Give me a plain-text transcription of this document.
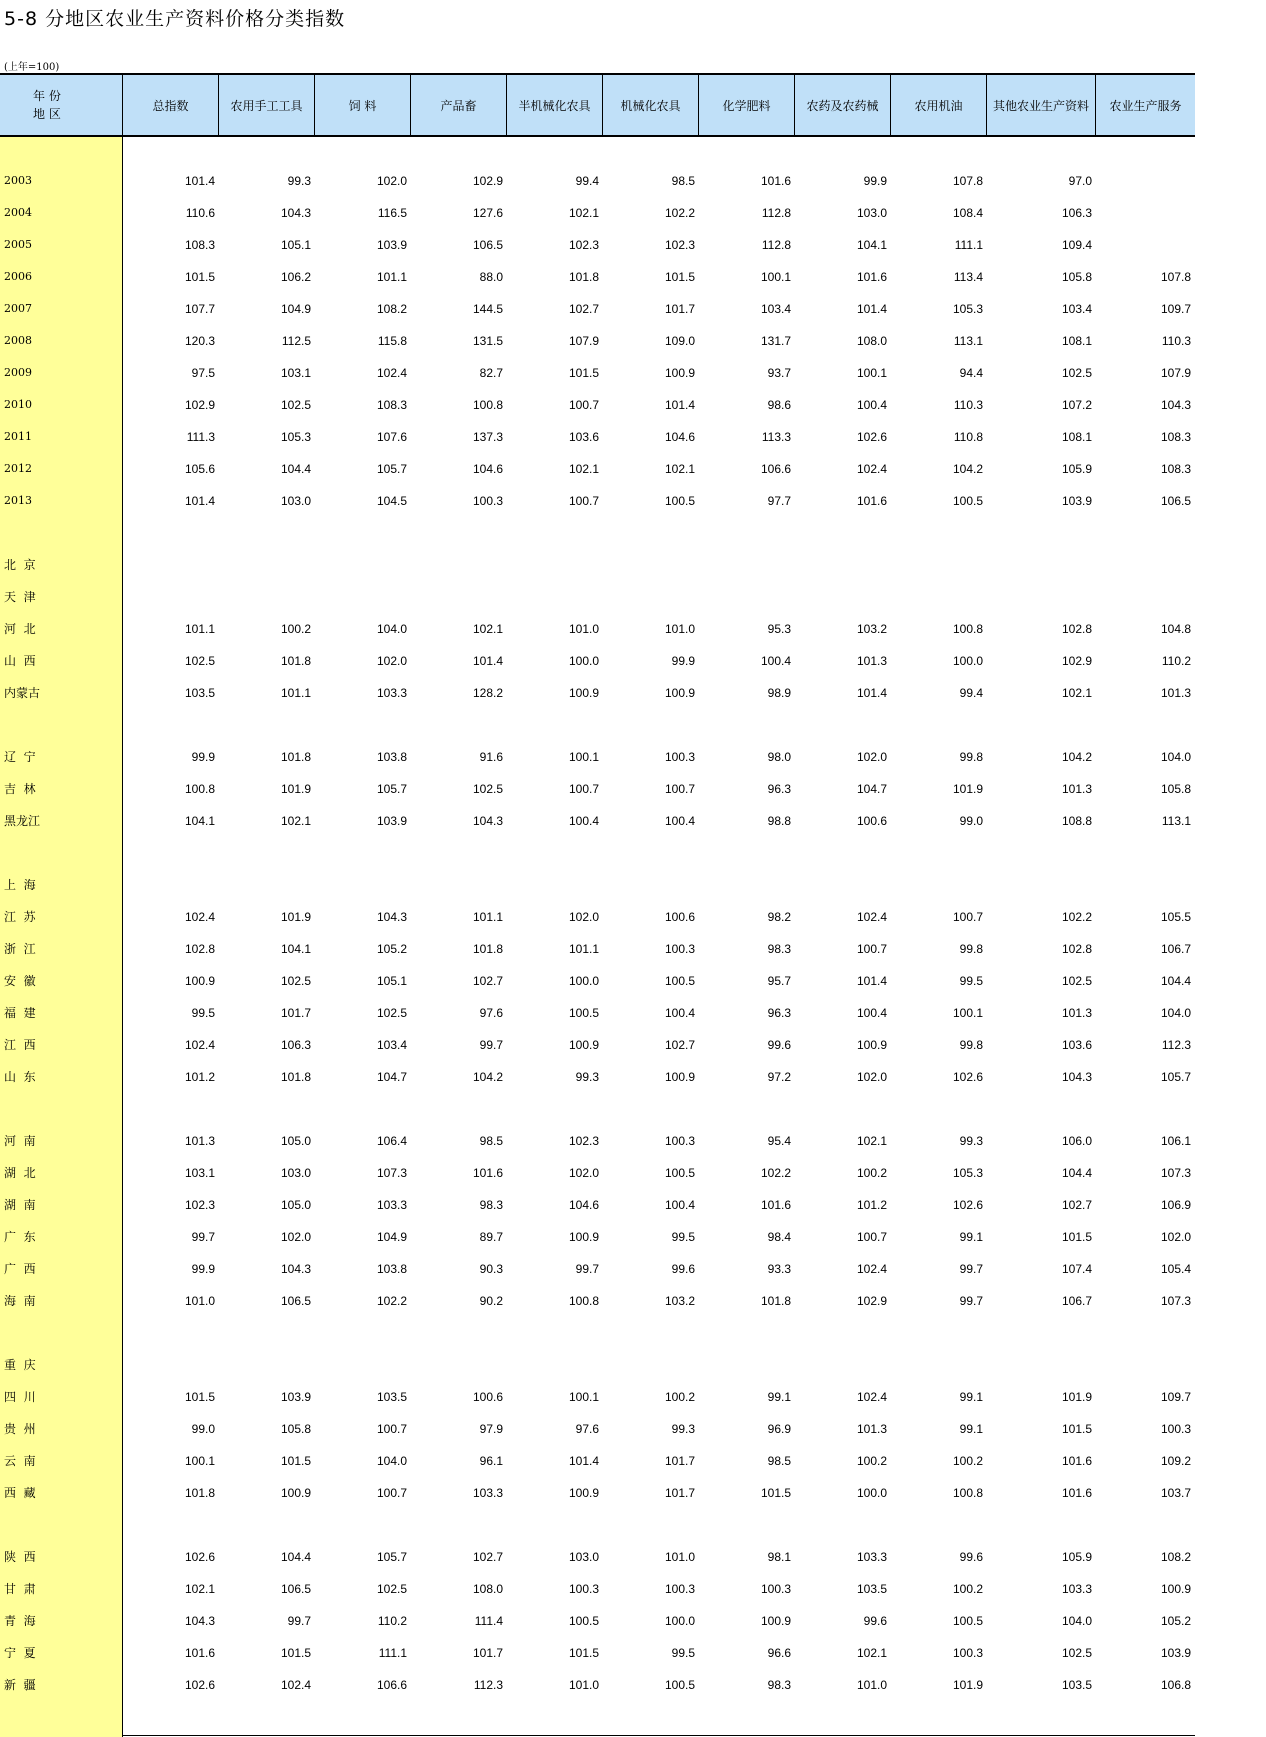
5-8 分地区农业生产资料价格分类指数
(上年=100)
年 份
地 区
总指数	农用手工工具	饲 料	产品畜	半机械化农具	机械化农具	化学肥料	农药及农药械	农用机油	其他农业生产资料	农业生产服务
2003	101.4	99.3	102.0	102.9	99.4	98.5	101.6	99.9	107.8	97.0
2004	110.6	104.3	116.5	127.6	102.1	102.2	112.8	103.0	108.4	106.3
2005	108.3	105.1	103.9	106.5	102.3	102.3	112.8	104.1	111.1	109.4
2006	101.5	106.2	101.1	88.0	101.8	101.5	100.1	101.6	113.4	105.8	107.8
2007	107.7	104.9	108.2	144.5	102.7	101.7	103.4	101.4	105.3	103.4	109.7
2008	120.3	112.5	115.8	131.5	107.9	109.0	131.7	108.0	113.1	108.1	110.3
2009	97.5	103.1	102.4	82.7	101.5	100.9	93.7	100.1	94.4	102.5	107.9
2010	102.9	102.5	108.3	100.8	100.7	101.4	98.6	100.4	110.3	107.2	104.3
2011	111.3	105.3	107.6	137.3	103.6	104.6	113.3	102.6	110.8	108.1	108.3
2012	105.6	104.4	105.7	104.6	102.1	102.1	106.6	102.4	104.2	105.9	108.3
2013	101.4	103.0	104.5	100.3	100.7	100.5	97.7	101.6	100.5	103.9	106.5
北  京
天  津
河  北	101.1	100.2	104.0	102.1	101.0	101.0	95.3	103.2	100.8	102.8	104.8
山  西	102.5	101.8	102.0	101.4	100.0	99.9	100.4	101.3	100.0	102.9	110.2
内蒙古	103.5	101.1	103.3	128.2	100.9	100.9	98.9	101.4	99.4	102.1	101.3
辽  宁	99.9	101.8	103.8	91.6	100.1	100.3	98.0	102.0	99.8	104.2	104.0
吉  林	100.8	101.9	105.7	102.5	100.7	100.7	96.3	104.7	101.9	101.3	105.8
黑龙江	104.1	102.1	103.9	104.3	100.4	100.4	98.8	100.6	99.0	108.8	113.1
上  海
江  苏	102.4	101.9	104.3	101.1	102.0	100.6	98.2	102.4	100.7	102.2	105.5
浙  江	102.8	104.1	105.2	101.8	101.1	100.3	98.3	100.7	99.8	102.8	106.7
安  徽	100.9	102.5	105.1	102.7	100.0	100.5	95.7	101.4	99.5	102.5	104.4
福  建	99.5	101.7	102.5	97.6	100.5	100.4	96.3	100.4	100.1	101.3	104.0
江  西	102.4	106.3	103.4	99.7	100.9	102.7	99.6	100.9	99.8	103.6	112.3
山  东	101.2	101.8	104.7	104.2	99.3	100.9	97.2	102.0	102.6	104.3	105.7
河  南	101.3	105.0	106.4	98.5	102.3	100.3	95.4	102.1	99.3	106.0	106.1
湖  北	103.1	103.0	107.3	101.6	102.0	100.5	102.2	100.2	105.3	104.4	107.3
湖  南	102.3	105.0	103.3	98.3	104.6	100.4	101.6	101.2	102.6	102.7	106.9
广  东	99.7	102.0	104.9	89.7	100.9	99.5	98.4	100.7	99.1	101.5	102.0
广  西	99.9	104.3	103.8	90.3	99.7	99.6	93.3	102.4	99.7	107.4	105.4
海  南	101.0	106.5	102.2	90.2	100.8	103.2	101.8	102.9	99.7	106.7	107.3
重  庆
四  川	101.5	103.9	103.5	100.6	100.1	100.2	99.1	102.4	99.1	101.9	109.7
贵  州	99.0	105.8	100.7	97.9	97.6	99.3	96.9	101.3	99.1	101.5	100.3
云  南	100.1	101.5	104.0	96.1	101.4	101.7	98.5	100.2	100.2	101.6	109.2
西  藏	101.8	100.9	100.7	103.3	100.9	101.7	101.5	100.0	100.8	101.6	103.7
陕  西	102.6	104.4	105.7	102.7	103.0	101.0	98.1	103.3	99.6	105.9	108.2
甘  肃	102.1	106.5	102.5	108.0	100.3	100.3	100.3	103.5	100.2	103.3	100.9
青  海	104.3	99.7	110.2	111.4	100.5	100.0	100.9	99.6	100.5	104.0	105.2
宁  夏	101.6	101.5	111.1	101.7	101.5	99.5	96.6	102.1	100.3	102.5	103.9
新  疆	102.6	102.4	106.6	112.3	101.0	100.5	98.3	101.0	101.9	103.5	106.8
